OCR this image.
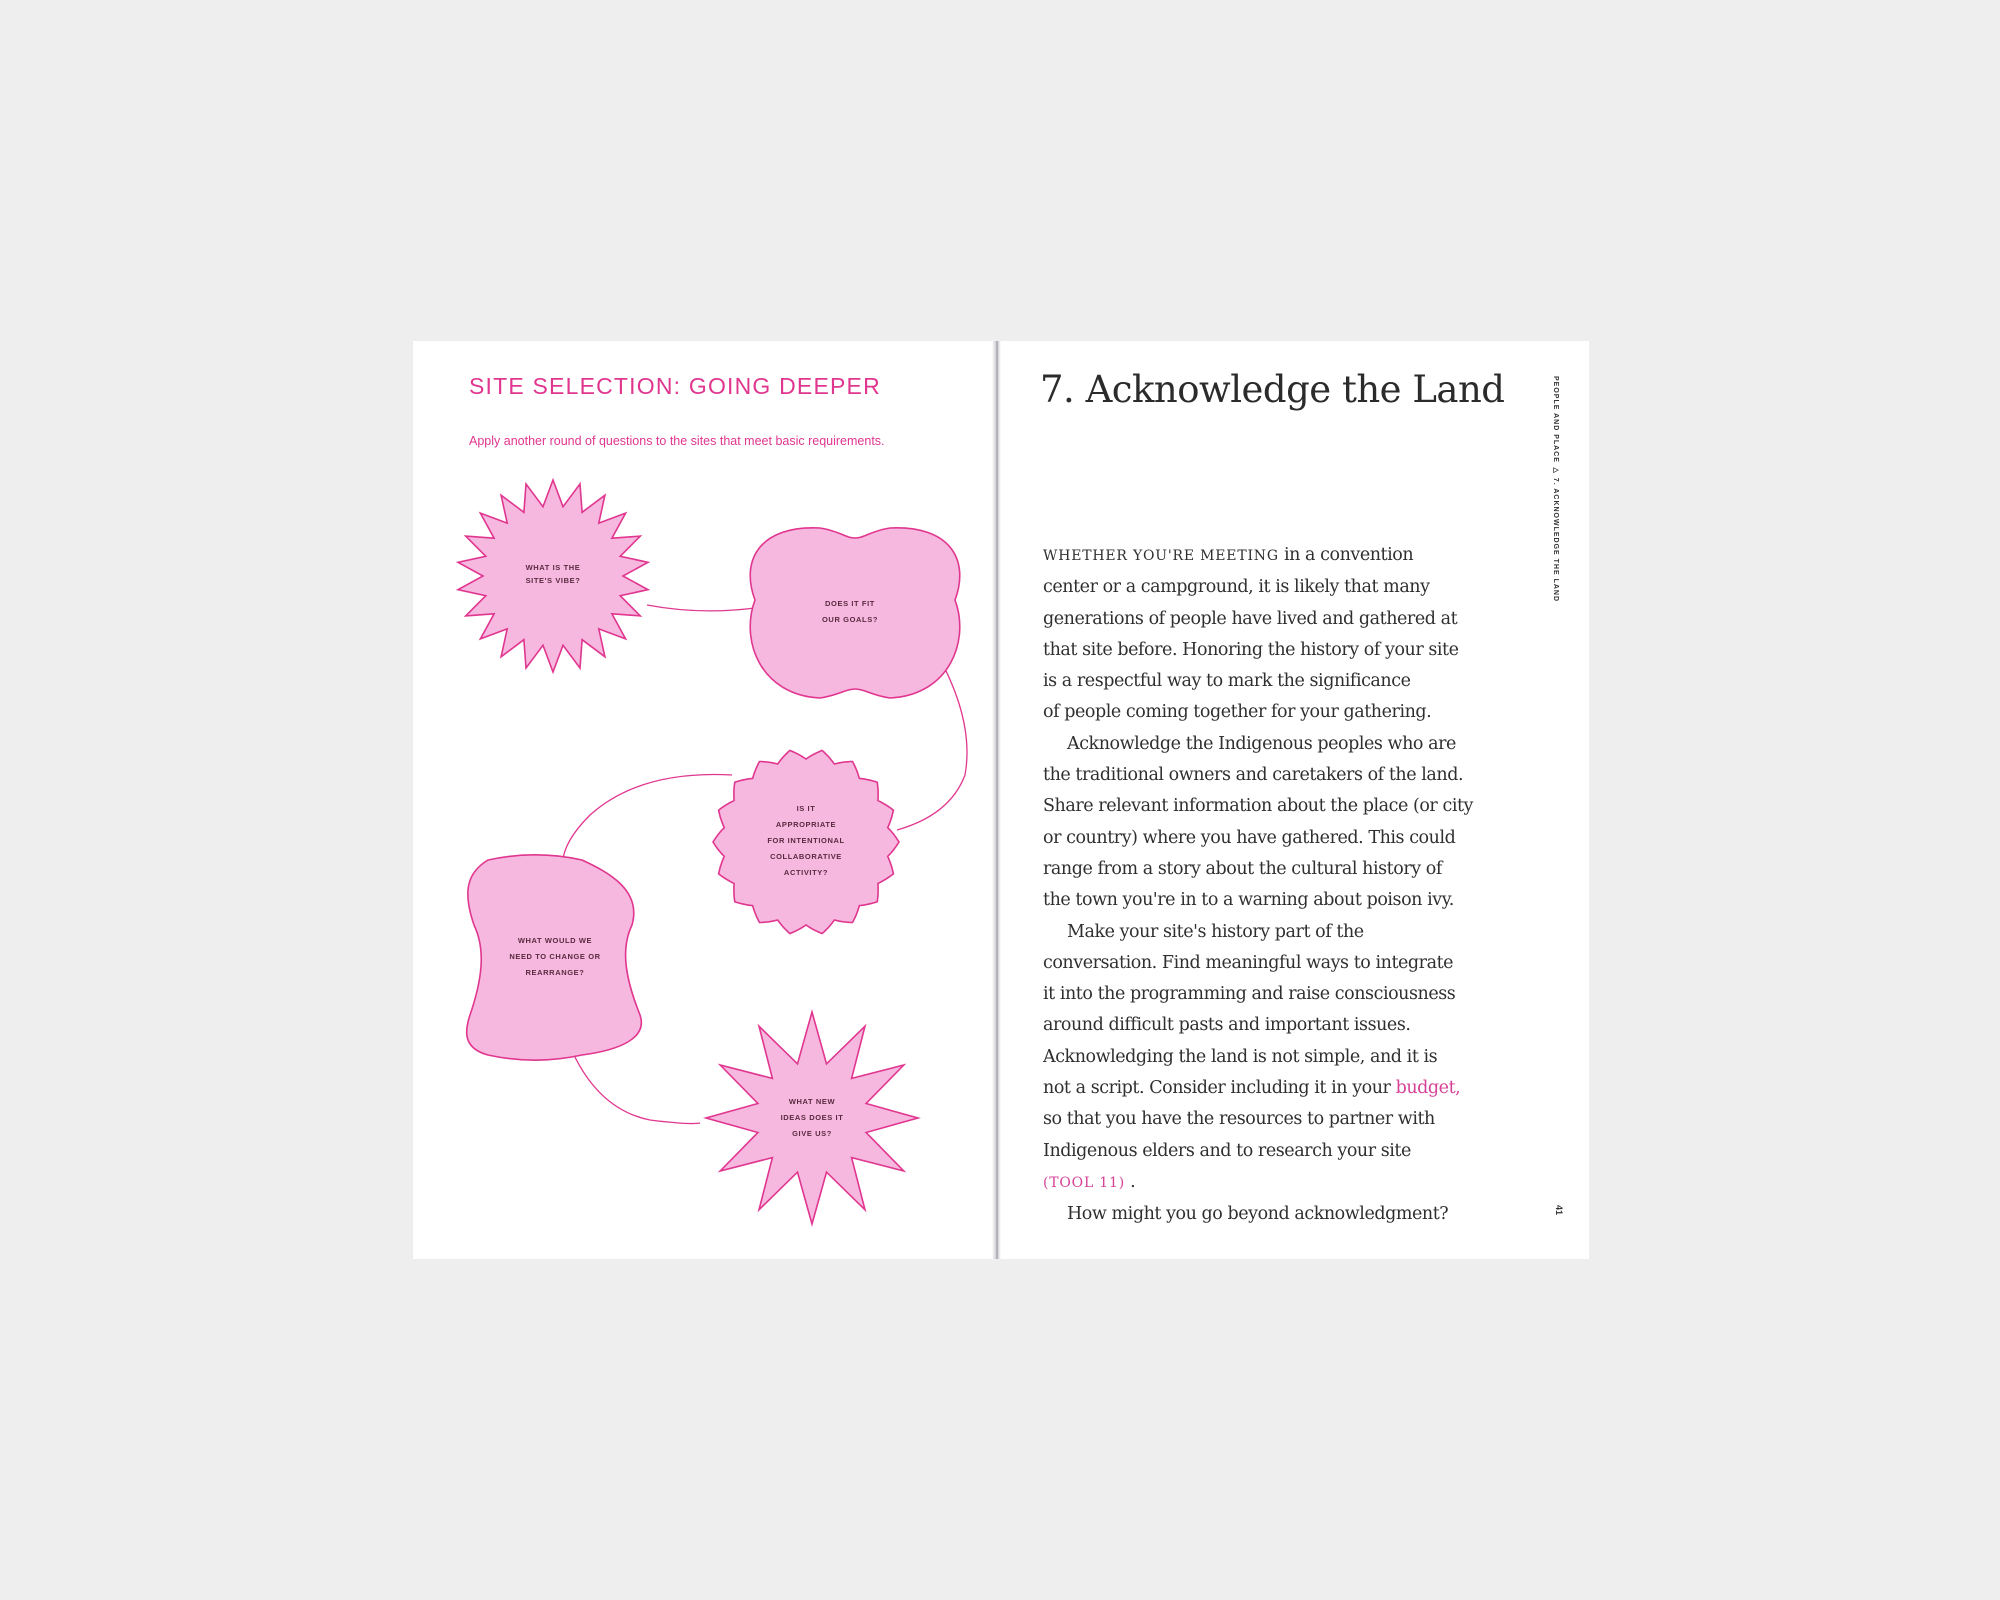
SITE SELECTION: GOING DEEPER
Apply another round of questions to the sites that meet basic requirements.
WHAT IS THE SITE'S VIBE?
DOES IT FIT OUR GOALS?
IS IT APPROPRIATE FOR INTENTIONAL COLLABORATIVE ACTIVITY?
WHAT WOULD WE NEED TO CHANGE OR REARRANGE?
WHAT NEW IDEAS DOES IT GIVE US?
7. Acknowledge the Land	PEOPLE AND PLACE ▷ 7. ACKNOWLEDGE THE LAND
41
WHETHER YOU'RE MEETING in a convention
center or a campground, it is likely that many
generations of people have lived and gathered at
that site before. Honoring the history of your site
is a respectful way to mark the significance
of people coming together for your gathering.
Acknowledge the Indigenous peoples who are
the traditional owners and caretakers of the land.
Share relevant information about the place (or city
or country) where you have gathered. This could
range from a story about the cultural history of
the town you're in to a warning about poison ivy.
Make your site's history part of the
conversation. Find meaningful ways to integrate
it into the programming and raise consciousness
around difficult pasts and important issues.
Acknowledging the land is not simple, and it is
not a script. Consider including it in your budget,
so that you have the resources to partner with
Indigenous elders and to research your site
(TOOL 11) .
How might you go beyond acknowledgment?
